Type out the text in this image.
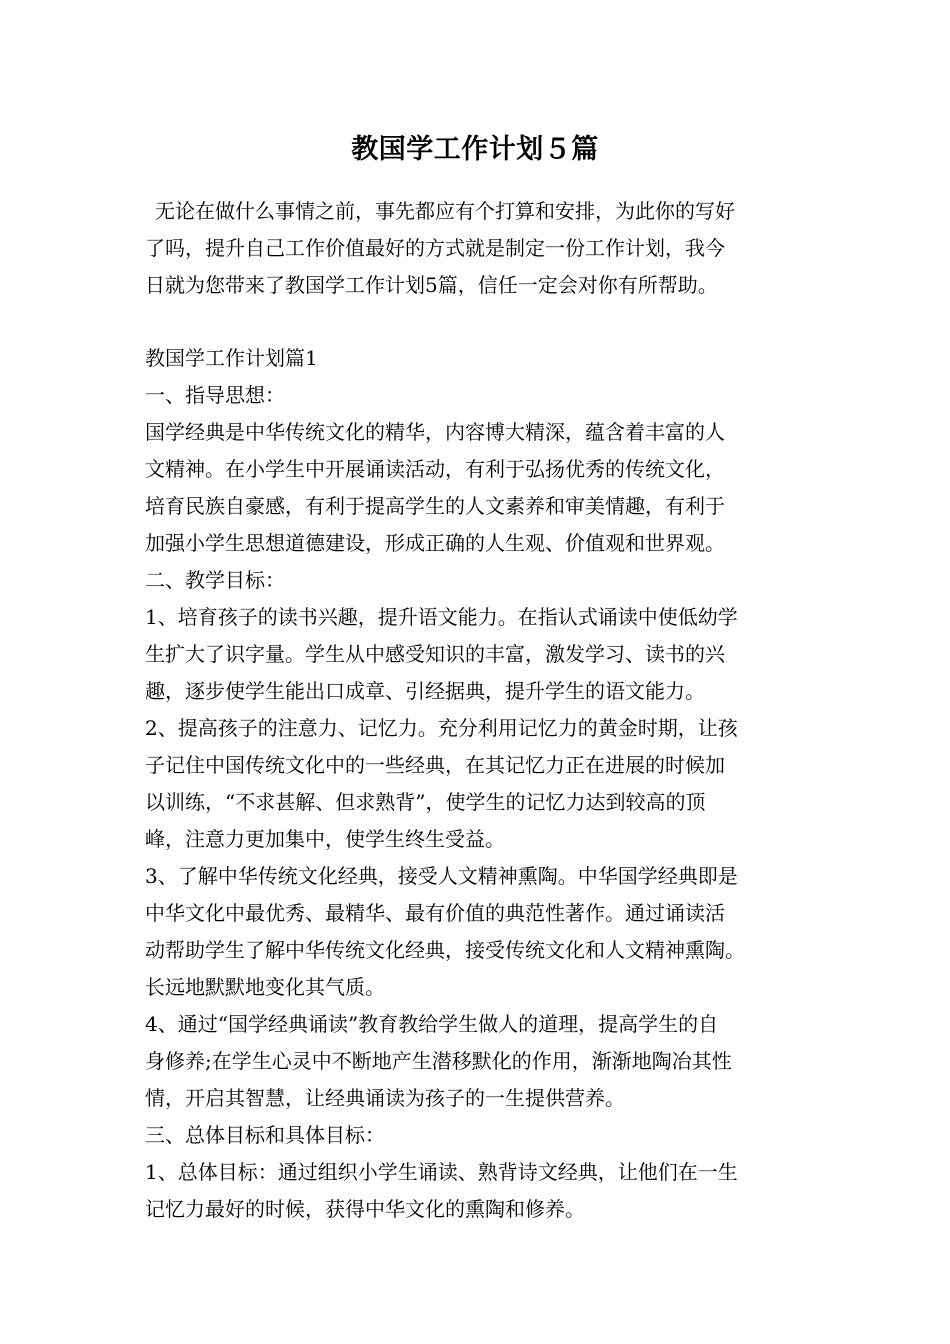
教国学工作计划５篇
无论在做什么事情之前，事先都应有个打算和安排，为此你的写好
了吗，提升自己工作价值最好的方式就是制定一份工作计划，我今
日就为您带来了教国学工作计划5篇，信任一定会对你有所帮助。
教国学工作计划篇1
一、指导思想：
国学经典是中华传统文化的精华，内容博大精深，蕴含着丰富的人
文精神。在小学生中开展诵读活动，有利于弘扬优秀的传统文化，
培育民族自豪感，有利于提高学生的人文素养和审美情趣，有利于
加强小学生思想道德建设，形成正确的人生观、价值观和世界观。
二、教学目标：
1、培育孩子的读书兴趣，提升语文能力。在指认式诵读中使低幼学
生扩大了识字量。学生从中感受知识的丰富，激发学习、读书的兴
趣，逐步使学生能出口成章、引经据典，提升学生的语文能力。
2、提高孩子的注意力、记忆力。充分利用记忆力的黄金时期，让孩
子记住中国传统文化中的一些经典，在其记忆力正在进展的时候加
以训练，“不求甚解、但求熟背”，使学生的记忆力达到较高的顶
峰，注意力更加集中，使学生终生受益。
3、了解中华传统文化经典，接受人文精神熏陶。中华国学经典即是
中华文化中最优秀、最精华、最有价值的典范性著作。通过诵读活
动帮助学生了解中华传统文化经典，接受传统文化和人文精神熏陶。
长远地默默地变化其气质。
4、通过“国学经典诵读”教育教给学生做人的道理，提高学生的自
身修养;在学生心灵中不断地产生潜移默化的作用，渐渐地陶冶其性
情，开启其智慧，让经典诵读为孩子的一生提供营养。
三、总体目标和具体目标：
1、总体目标：通过组织小学生诵读、熟背诗文经典，让他们在一生
记忆力最好的时候，获得中华文化的熏陶和修养。
